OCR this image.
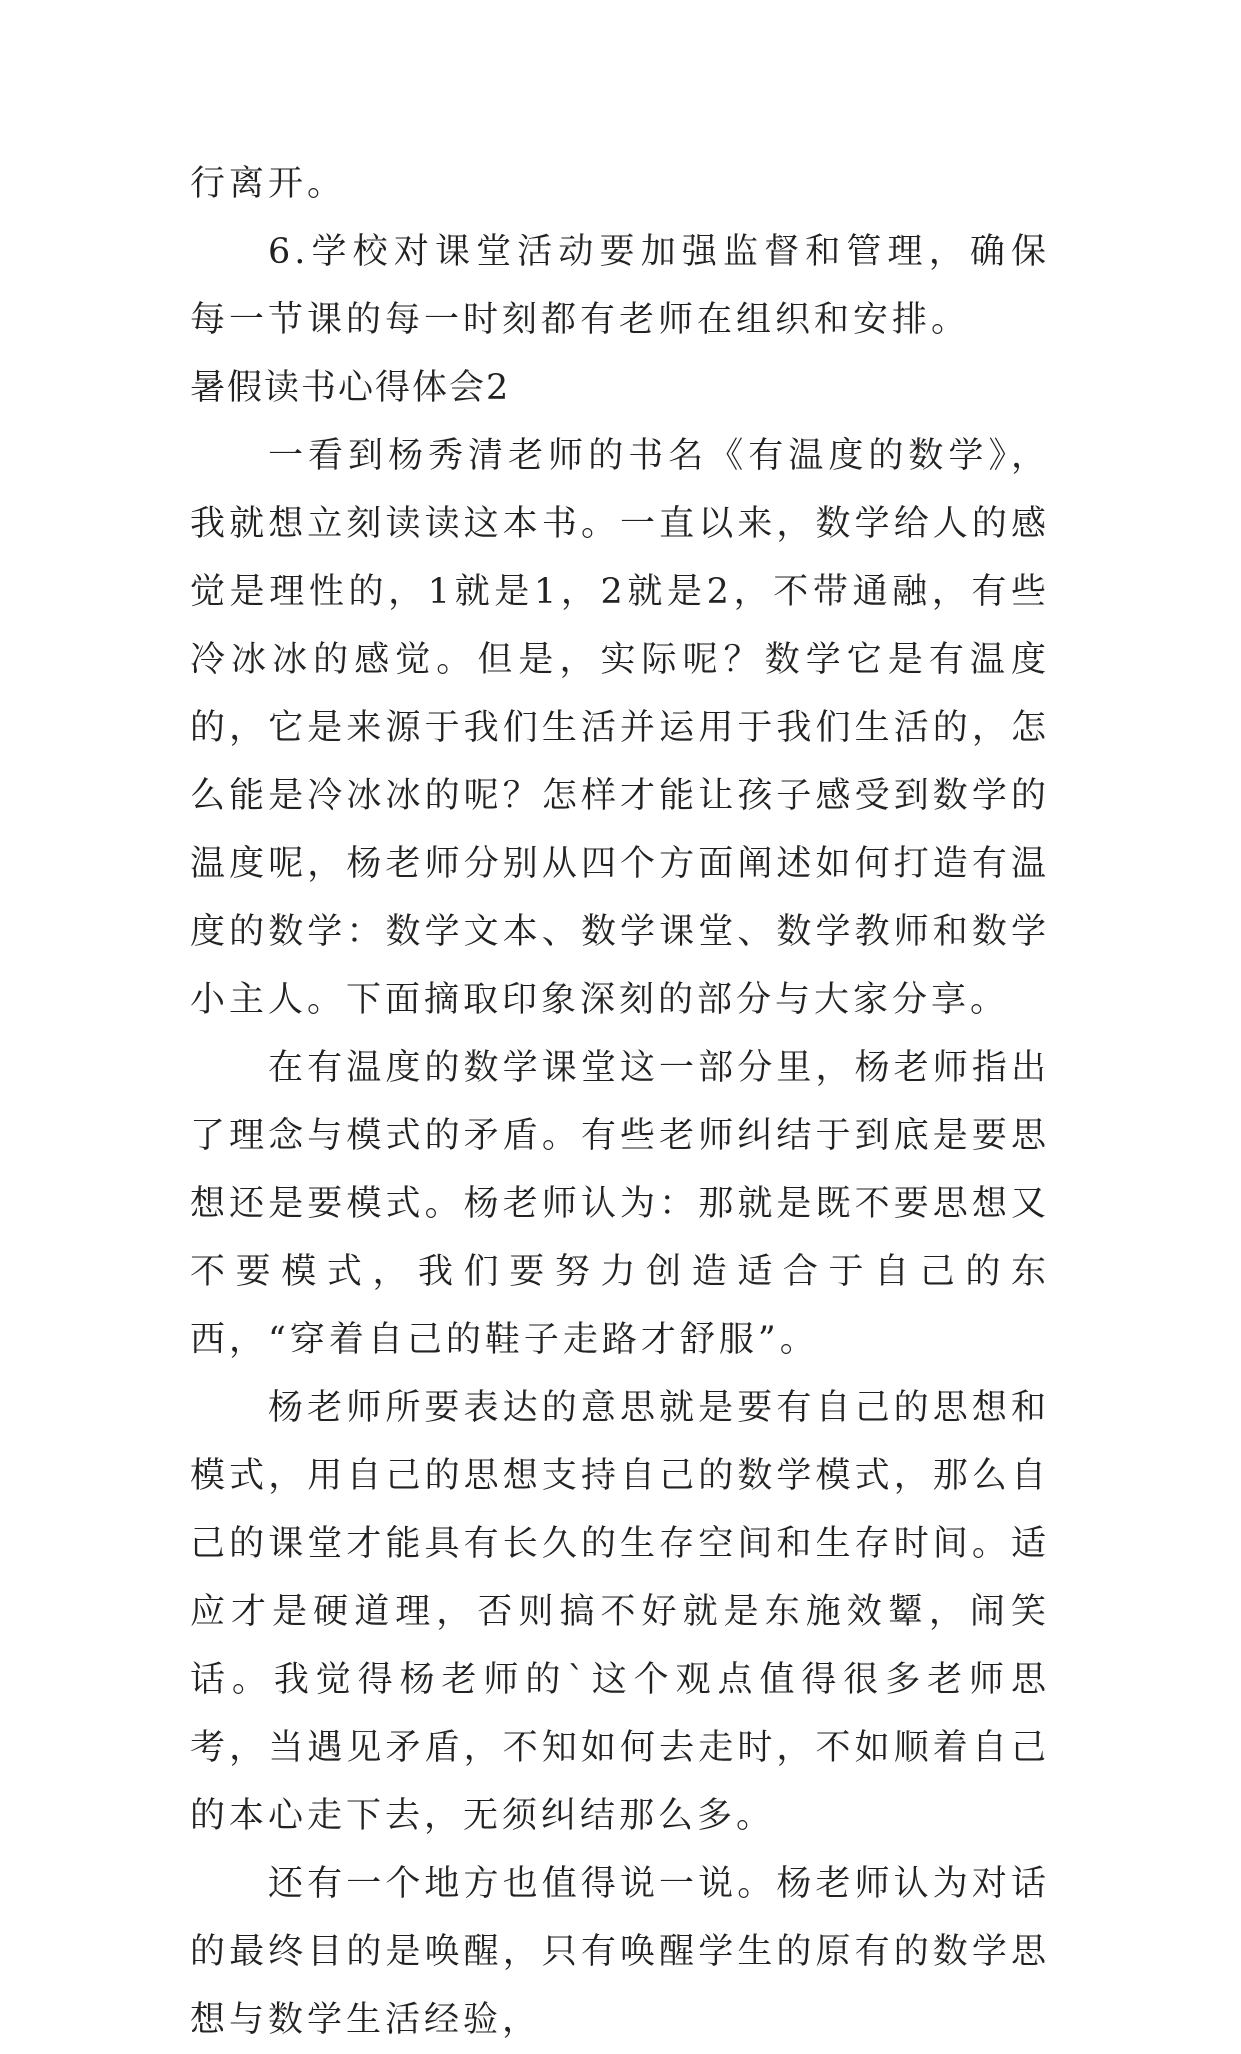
行离开。

6.学校对课堂活动要加强监督和管理，确保每一节课的每一时刻都有老师在组织和安排。

暑假读书心得体会2

一看到杨秀清老师的书名《有温度的数学》，我就想立刻读读这本书。一直以来，数学给人的感觉是理性的，1就是1，2就是2，不带通融，有些冷冰冰的感觉。但是，实际呢？数学它是有温度的，它是来源于我们生活并运用于我们生活的，怎么能是冷冰冰的呢？怎样才能让孩子感受到数学的温度呢，杨老师分别从四个方面阐述如何打造有温度的数学：数学文本、数学课堂、数学教师和数学小主人。下面摘取印象深刻的部分与大家分享。

在有温度的数学课堂这一部分里，杨老师指出了理念与模式的矛盾。有些老师纠结于到底是要思想还是要模式。杨老师认为：那就是既不要思想又不要模式，我们要努力创造适合于自己的东西，“穿着自己的鞋子走路才舒服”。

杨老师所要表达的意思就是要有自己的思想和模式，用自己的思想支持自己的数学模式，那么自己的课堂才能具有长久的生存空间和生存时间。适应才是硬道理，否则搞不好就是东施效颦，闹笑话。我觉得杨老师的`这个观点值得很多老师思考，当遇见矛盾，不知如何去走时，不如顺着自己的本心走下去，无须纠结那么多。

还有一个地方也值得说一说。杨老师认为对话的最终目的是唤醒，只有唤醒学生的原有的数学思想与数学生活经验，
